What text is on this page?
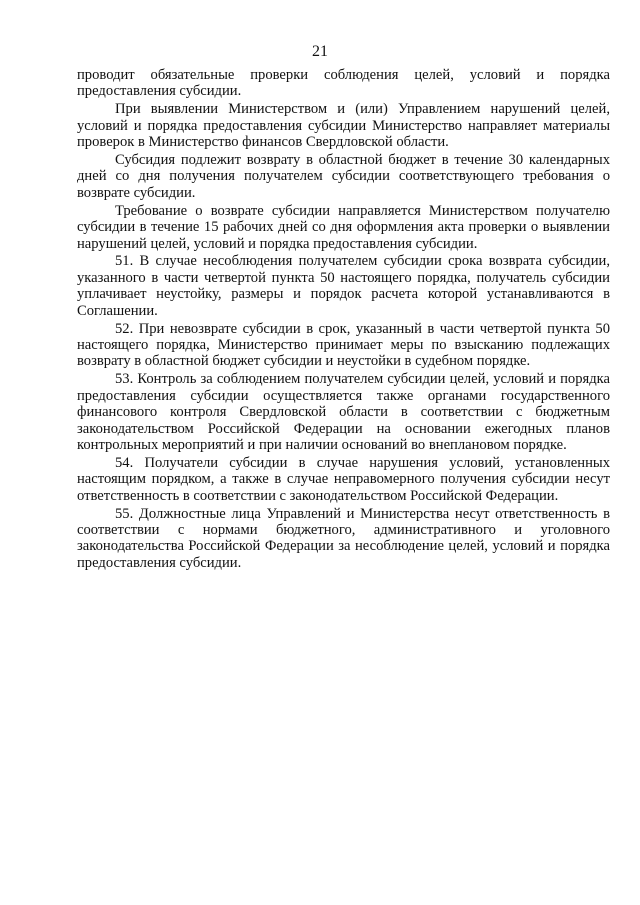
21

проводит обязательные проверки соблюдения целей, условий и порядка предоставления субсидии.

При выявлении Министерством и (или) Управлением нарушений целей, условий и порядка предоставления субсидии Министерство направляет материалы проверок в Министерство финансов Свердловской области.

Субсидия подлежит возврату в областной бюджет в течение 30 календарных дней со дня получения получателем субсидии соответствующего требования о возврате субсидии.

Требование о возврате субсидии направляется Министерством получателю субсидии в течение 15 рабочих дней со дня оформления акта проверки о выявлении нарушений целей, условий и порядка предоставления субсидии.

51. В случае несоблюдения получателем субсидии срока возврата субсидии, указанного в части четвертой пункта 50 настоящего порядка, получатель субсидии уплачивает неустойку, размеры и порядок расчета которой устанавливаются в Соглашении.

52. При невозврате субсидии в срок, указанный в части четвертой пункта 50 настоящего порядка, Министерство принимает меры по взысканию подлежащих возврату в областной бюджет субсидии и неустойки в судебном порядке.

53. Контроль за соблюдением получателем субсидии целей, условий и порядка предоставления субсидии осуществляется также органами государственного финансового контроля Свердловской области в соответствии с бюджетным законодательством Российской Федерации на основании ежегодных планов контрольных мероприятий и при наличии оснований во внеплановом порядке.

54. Получатели субсидии в случае нарушения условий, установленных настоящим порядком, а также в случае неправомерного получения субсидии несут ответственность в соответствии с законодательством Российской Федерации.

55. Должностные лица Управлений и Министерства несут ответственность в соответствии с нормами бюджетного, административного и уголовного законодательства Российской Федерации за несоблюдение целей, условий и порядка предоставления субсидии.
